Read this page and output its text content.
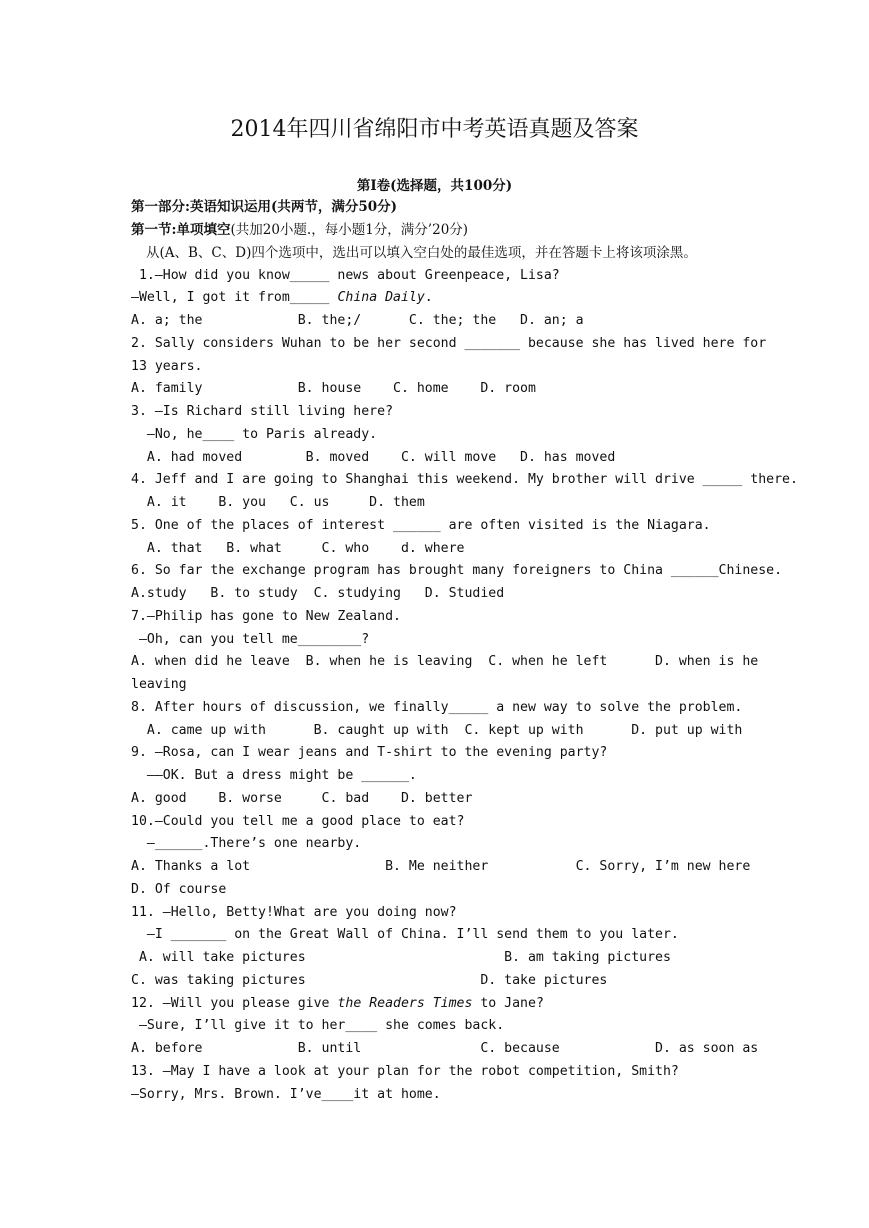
2014年四川省绵阳市中考英语真题及答案
第Ⅰ卷(选择题，共100分)
第一部分:英语知识运用(共两节，满分50分)
第一节:单项填空(共加20小题.，每小题1分，满分’20分)
从(A、B、C、D)四个选项中，选出可以填入空白处的最佳选项，并在答题卡上将该项涂黑。
1.—How did you know_____ news about Greenpeace, Lisa?
—Well, I got it from_____ China Daily.
A. a; the            B. the;/      C. the; the   D. an; a
2. Sally considers Wuhan to be her second _______ because she has lived here for
13 years.
A. family            B. house    C. home    D. room
3. —Is Richard still living here?
—No, he____ to Paris already.
A. had moved        B. moved    C. will move   D. has moved
4. Jeff and I are going to Shanghai this weekend. My brother will drive _____ there.
A. it    B. you   C. us     D. them
5. One of the places of interest ______ are often visited is the Niagara.
A. that   B. what     C. who    d. where
6. So far the exchange program has brought many foreigners to China ______Chinese.
A.study   B. to study  C. studying   D. Studied
7.—Philip has gone to New Zealand.
—Oh, can you tell me________?
A. when did he leave  B. when he is leaving  C. when he left      D. when is he
leaving
8. After hours of discussion, we finally_____ a new way to solve the problem.
A. came up with      B. caught up with  C. kept up with      D. put up with
9. —Rosa, can I wear jeans and T-shirt to the evening party?
——OK. But a dress might be ______.
A. good    B. worse     C. bad    D. better
10.—Could you tell me a good place to eat?
—______.There’s one nearby.
A. Thanks a lot                 B. Me neither           C. Sorry, I’m new here
D. Of course
11. —Hello, Betty!What are you doing now?
—I _______ on the Great Wall of China. I’ll send them to you later.
A. will take pictures                         B. am taking pictures
C. was taking pictures                      D. take pictures
12. —Will you please give the Readers Times to Jane?
—Sure, I’ll give it to her____ she comes back.
A. before            B. until               C. because            D. as soon as
13. —May I have a look at your plan for the robot competition, Smith?
—Sorry, Mrs. Brown. I’ve____it at home.
